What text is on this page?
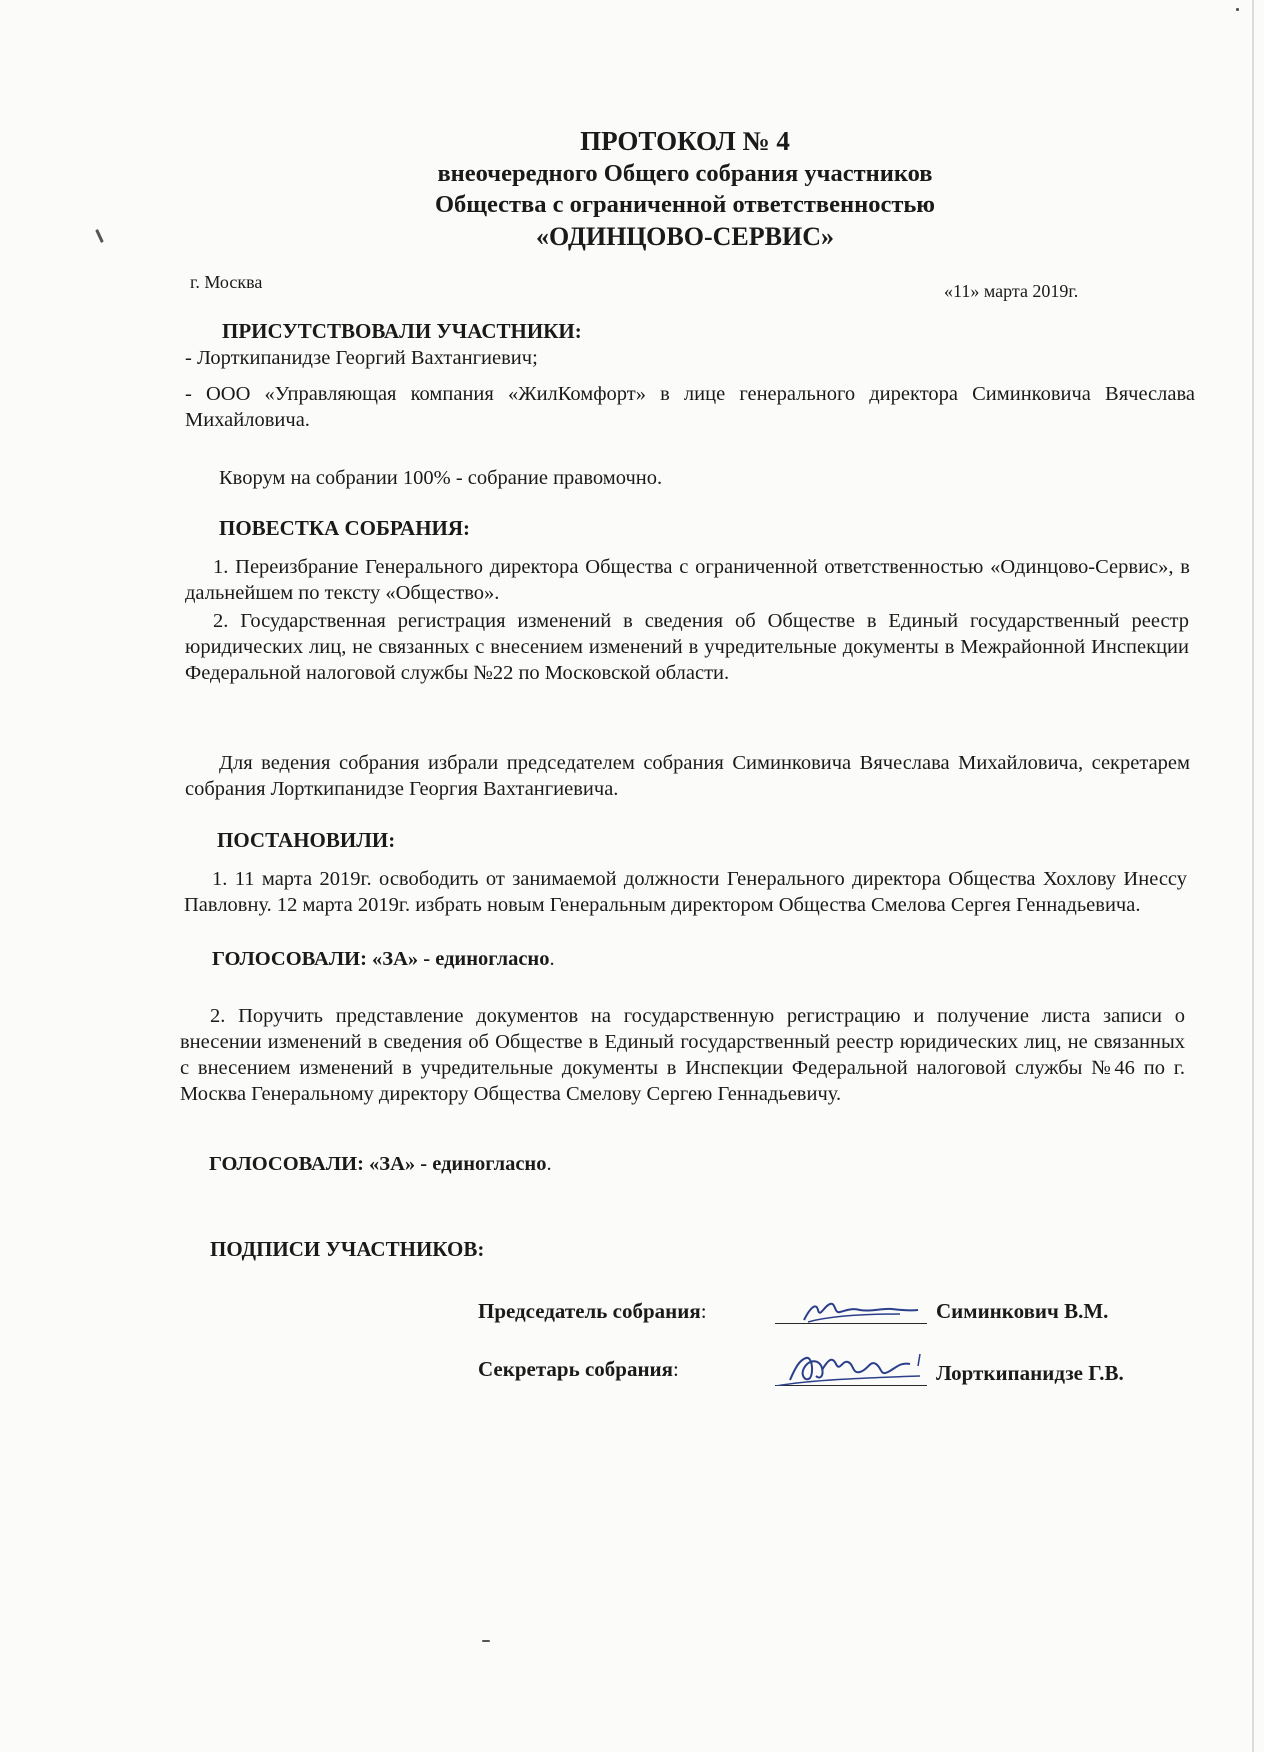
ПРОТОКОЛ № 4
внеочередного Общего собрания участников
Общества с ограниченной ответственностью
«ОДИНЦОВО-СЕРВИС»
г. Москва	«11» марта 2019г.
ПРИСУТСТВОВАЛИ УЧАСТНИКИ:
- Лорткипанидзе Георгий Вахтангиевич;
- ООО «Управляющая компания «ЖилКомфорт» в лице генерального директора Симинковича Вячеслава Михайловича.
Кворум на собрании 100% - собрание правомочно.
ПОВЕСТКА СОБРАНИЯ:
1. Переизбрание Генерального директора Общества с ограниченной ответственностью «Одинцово-Сервис», в дальнейшем по тексту «Общество».
2. Государственная регистрация изменений в сведения об Обществе в Единый государственный реестр юридических лиц, не связанных с внесением изменений в учредительные документы в Межрайонной Инспекции Федеральной налоговой службы №22 по Московской области.
Для ведения собрания избрали председателем собрания Симинковича Вячеслава Михайловича, секретарем собрания Лорткипанидзе Георгия Вахтангиевича.
ПОСТАНОВИЛИ:
1. 11 марта 2019г. освободить от занимаемой должности Генерального директора Общества Хохлову Инессу Павловну. 12 марта 2019г. избрать новым Генеральным директором Общества Смелова Сергея Геннадьевича.
ГОЛОСОВАЛИ: «ЗА» - единогласно.
2. Поручить представление документов на государственную регистрацию и получение листа записи о внесении изменений в сведения об Обществе в Единый государственный реестр юридических лиц, не связанных с внесением изменений в учредительные документы в Инспекции Федеральной налоговой службы №46 по г. Москва Генеральному директору Общества Смелову Сергею Геннадьевичу.
ГОЛОСОВАЛИ: «ЗА» - единогласно.
ПОДПИСИ УЧАСТНИКОВ:
Председатель собрания:	Симинкович В.М.
Секретарь собрания:	Лорткипанидзе Г.В.
